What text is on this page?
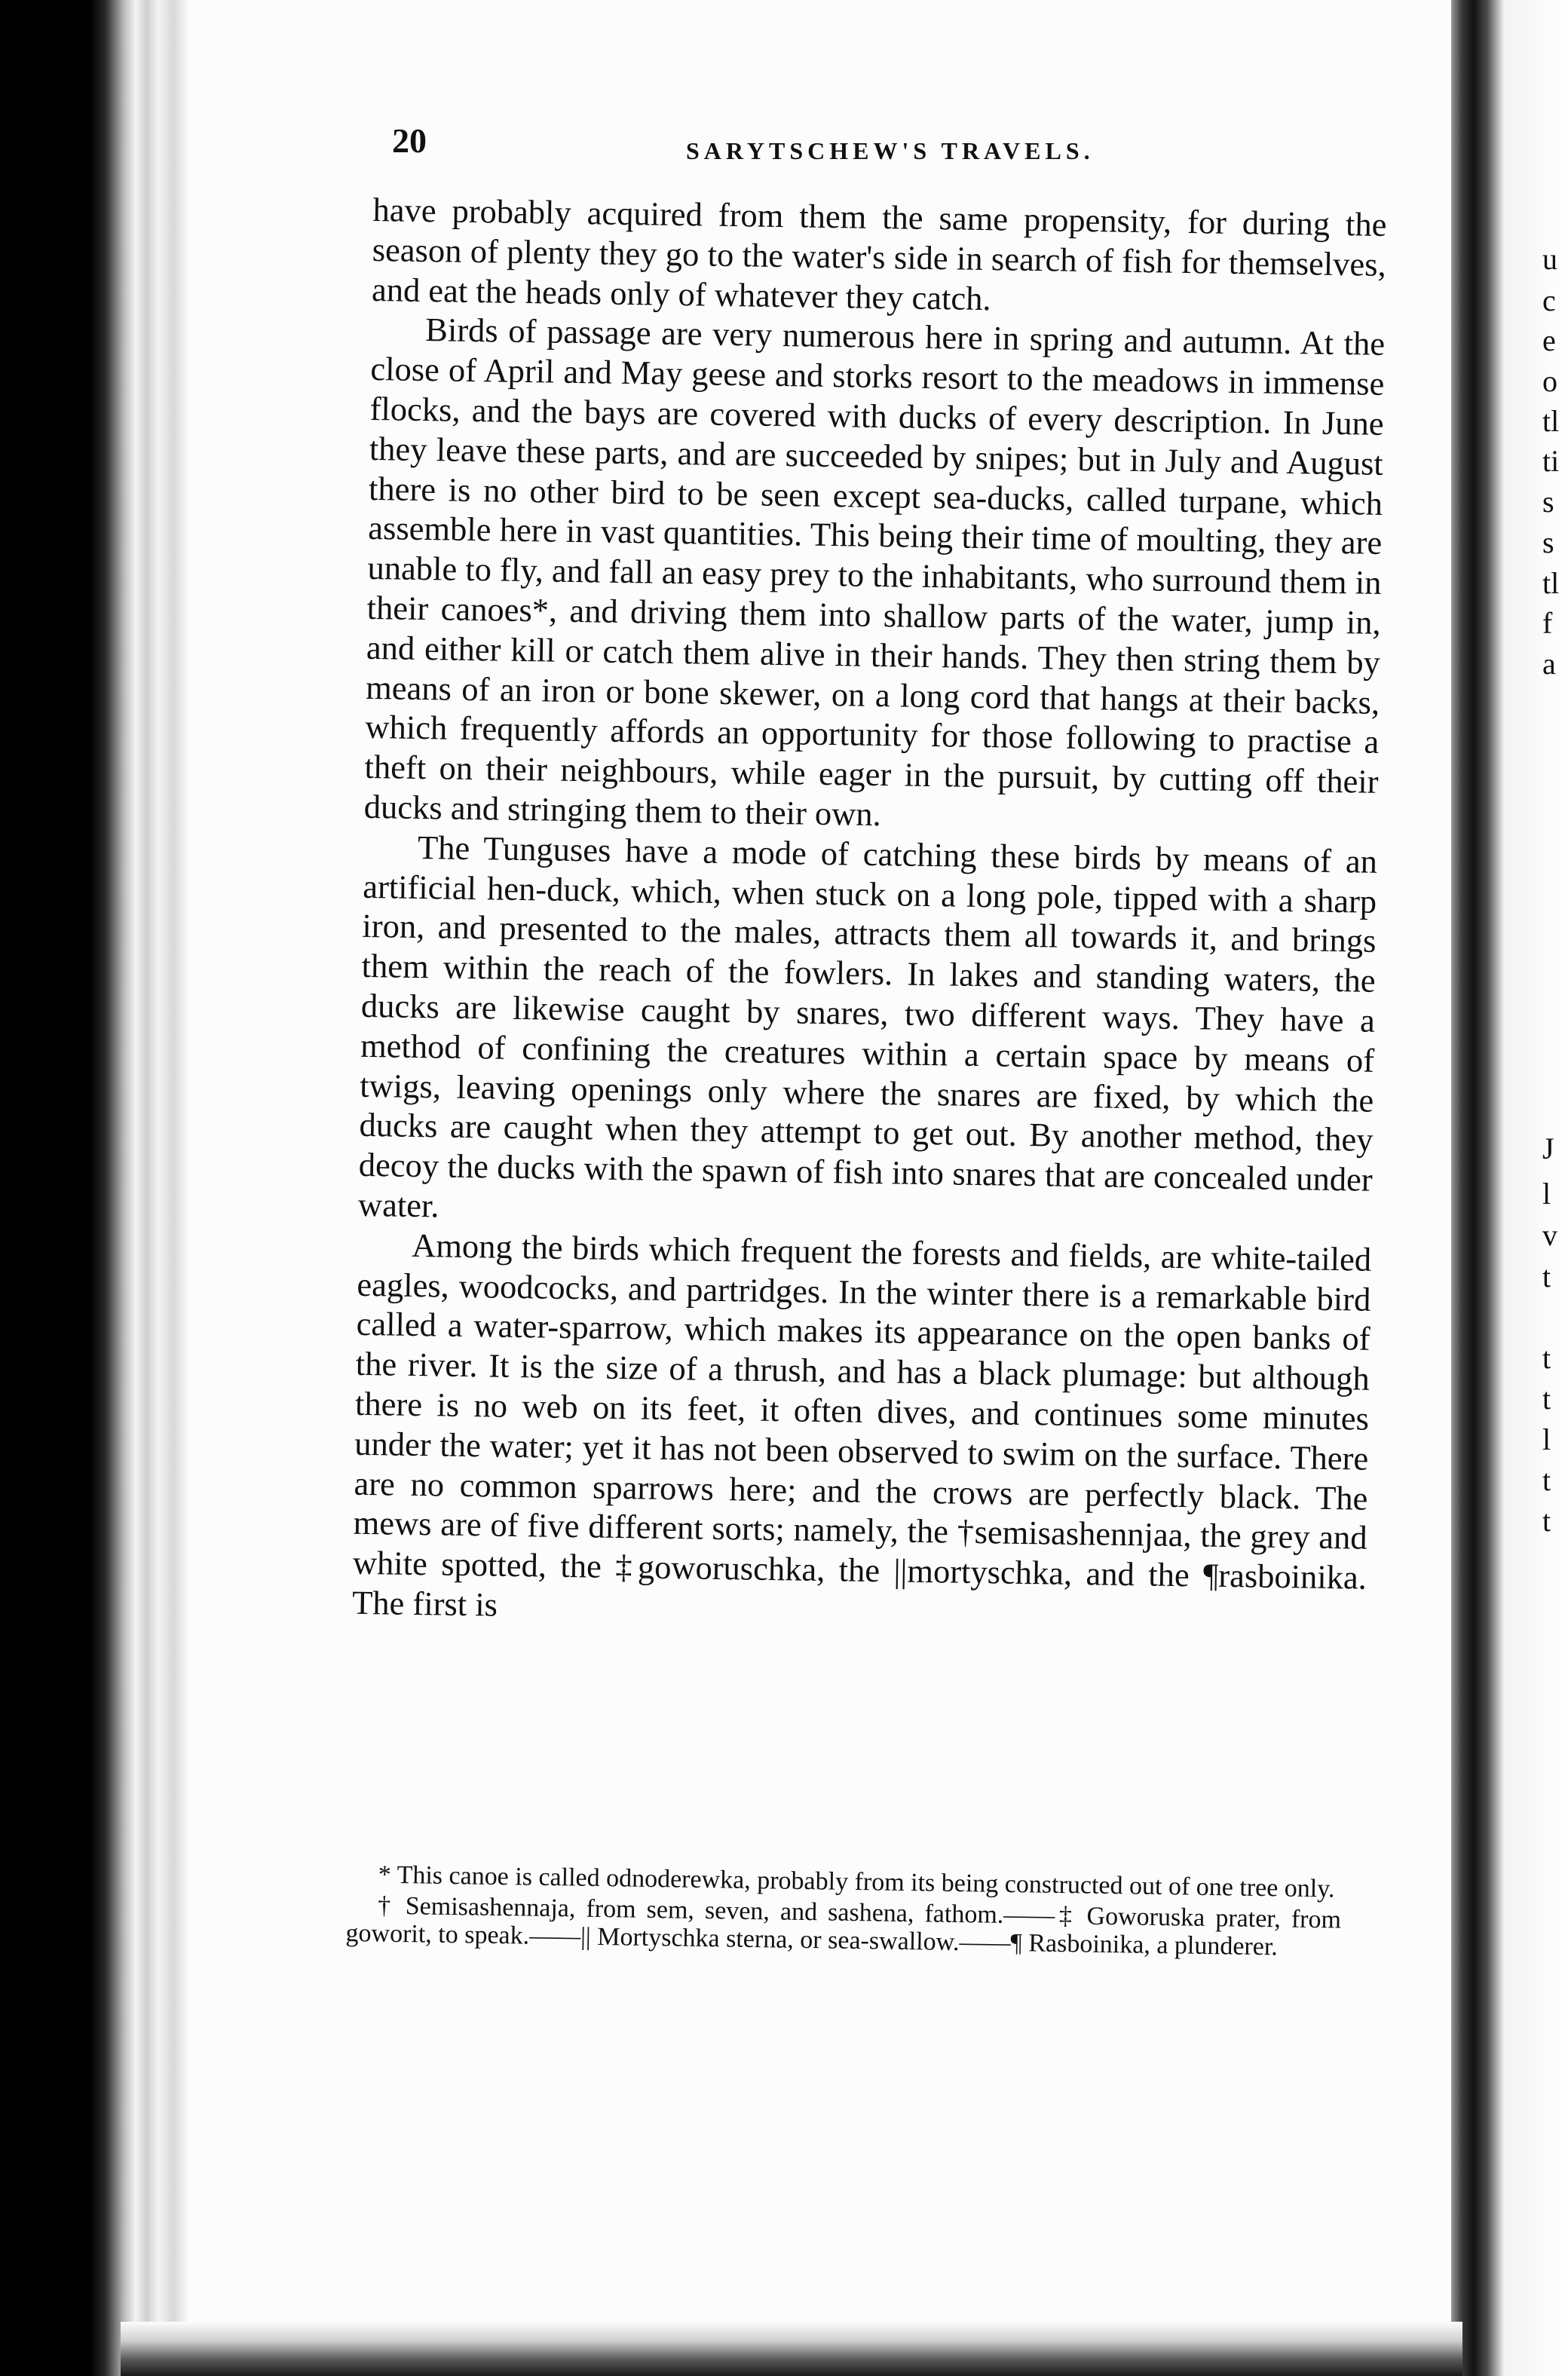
20	SARYTSCHEW'S TRAVELS.

have probably acquired from them the same propensity, for during the season of plenty they go to the water's side in search of fish for themselves, and eat the heads only of whatever they catch.

Birds of passage are very numerous here in spring and autumn. At the close of April and May geese and storks resort to the meadows in immense flocks, and the bays are covered with ducks of every description. In June they leave these parts, and are succeeded by snipes; but in July and August there is no other bird to be seen except sea-ducks, called turpane, which assemble here in vast quantities. This being their time of moulting, they are unable to fly, and fall an easy prey to the inhabitants, who surround them in their canoes*, and driving them into shallow parts of the water, jump in, and either kill or catch them alive in their hands. They then string them by means of an iron or bone skewer, on a long cord that hangs at their backs, which frequently affords an opportunity for those following to practise a theft on their neighbours, while eager in the pursuit, by cutting off their ducks and stringing them to their own.

The Tunguses have a mode of catching these birds by means of an artificial hen-duck, which, when stuck on a long pole, tipped with a sharp iron, and presented to the males, attracts them all towards it, and brings them within the reach of the fowlers. In lakes and standing waters, the ducks are likewise caught by snares, two different ways. They have a method of confining the creatures within a certain space by means of twigs, leaving openings only where the snares are fixed, by which the ducks are caught when they attempt to get out. By another method, they decoy the ducks with the spawn of fish into snares that are concealed under water.

Among the birds which frequent the forests and fields, are white-tailed eagles, woodcocks, and partridges. In the winter there is a remarkable bird called a water-sparrow, which makes its appearance on the open banks of the river. It is the size of a thrush, and has a black plumage: but although there is no web on its feet, it often dives, and continues some minutes under the water; yet it has not been observed to swim on the surface. There are no common sparrows here; and the crows are perfectly black. The mews are of five different sorts; namely, the †semisashennjaa, the grey and white spotted, the ‡goworuschka, the ||mortyschka, and the ¶rasboinika. The first is

* This canoe is called odnoderewka, probably from its being constructed out of one tree only.

† Semisashennaja, from sem, seven, and sashena, fathom.——‡ Goworuska prater, from goworit, to speak.——|| Mortyschka sterna, or sea-swallow.——¶ Rasboinika, a plunderer.

u
c
e
o
tl
ti
s
s
tl
f
a
J
l
v
t
t
t
l
t
t
